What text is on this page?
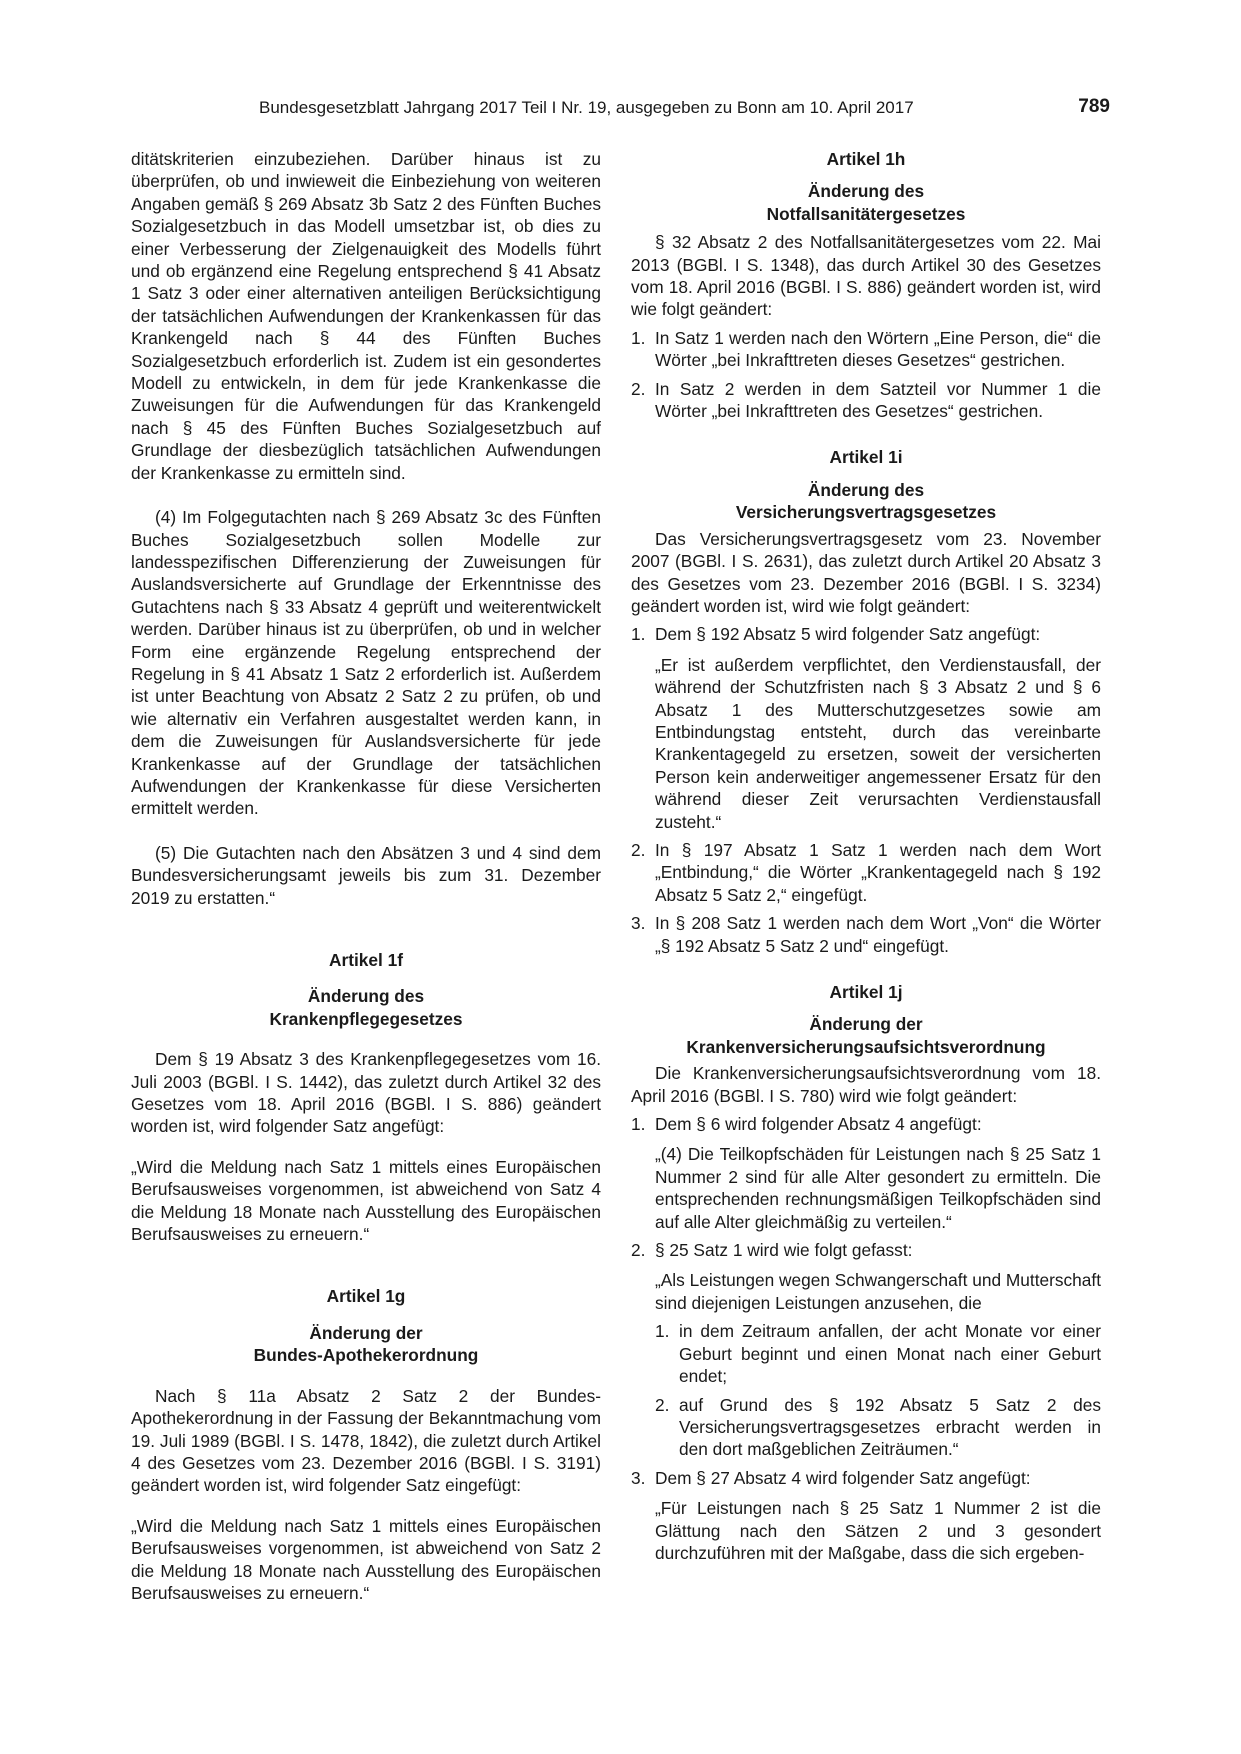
Bundesgesetzblatt Jahrgang 2017 Teil I Nr. 19, ausgegeben zu Bonn am 10. April 2017	789

ditätskriterien einzubeziehen. Darüber hinaus ist zu überprüfen, ob und inwieweit die Einbeziehung von weiteren Angaben gemäß § 269 Absatz 3b Satz 2 des Fünften Buches Sozialgesetzbuch in das Modell umsetzbar ist, ob dies zu einer Verbesserung der Zielgenauigkeit des Modells führt und ob ergänzend eine Regelung entsprechend § 41 Absatz 1 Satz 3 oder einer alternativen anteiligen Berücksichtigung der tatsächlichen Aufwendungen der Krankenkassen für das Krankengeld nach § 44 des Fünften Buches Sozialgesetzbuch erforderlich ist. Zudem ist ein gesondertes Modell zu entwickeln, in dem für jede Krankenkasse die Zuweisungen für die Aufwendungen für das Krankengeld nach § 45 des Fünften Buches Sozialgesetzbuch auf Grundlage der diesbezüglich tatsächlichen Aufwendungen der Krankenkasse zu ermitteln sind.

(4) Im Folgegutachten nach § 269 Absatz 3c des Fünften Buches Sozialgesetzbuch sollen Modelle zur landesspezifischen Differenzierung der Zuweisungen für Auslandsversicherte auf Grundlage der Erkenntnisse des Gutachtens nach § 33 Absatz 4 geprüft und weiterentwickelt werden. Darüber hinaus ist zu überprüfen, ob und in welcher Form eine ergänzende Regelung entsprechend der Regelung in § 41 Absatz 1 Satz 2 erforderlich ist. Außerdem ist unter Beachtung von Absatz 2 Satz 2 zu prüfen, ob und wie alternativ ein Verfahren ausgestaltet werden kann, in dem die Zuweisungen für Auslandsversicherte für jede Krankenkasse auf der Grundlage der tatsächlichen Aufwendungen der Krankenkasse für diese Versicherten ermittelt werden.

(5) Die Gutachten nach den Absätzen 3 und 4 sind dem Bundesversicherungsamt jeweils bis zum 31. Dezember 2019 zu erstatten.“

Artikel 1f

Änderung des

Krankenpflegegesetzes

Dem § 19 Absatz 3 des Krankenpflegegesetzes vom 16. Juli 2003 (BGBl. I S. 1442), das zuletzt durch Artikel 32 des Gesetzes vom 18. April 2016 (BGBl. I S. 886) geändert worden ist, wird folgender Satz angefügt:

„Wird die Meldung nach Satz 1 mittels eines Europäischen Berufsausweises vorgenommen, ist abweichend von Satz 4 die Meldung 18 Monate nach Ausstellung des Europäischen Berufsausweises zu erneuern.“

Artikel 1g

Änderung der

Bundes-Apothekerordnung

Nach § 11a Absatz 2 Satz 2 der Bundes-Apothekerordnung in der Fassung der Bekanntmachung vom 19. Juli 1989 (BGBl. I S. 1478, 1842), die zuletzt durch Artikel 4 des Gesetzes vom 23. Dezember 2016 (BGBl. I S. 3191) geändert worden ist, wird folgender Satz eingefügt:

„Wird die Meldung nach Satz 1 mittels eines Europäischen Berufsausweises vorgenommen, ist abweichend von Satz 2 die Meldung 18 Monate nach Ausstellung des Europäischen Berufsausweises zu erneuern.“

Artikel 1h

Änderung des

Notfallsanitätergesetzes

§ 32 Absatz 2 des Notfallsanitätergesetzes vom 22. Mai 2013 (BGBl. I S. 1348), das durch Artikel 30 des Gesetzes vom 18. April 2016 (BGBl. I S. 886) geändert worden ist, wird wie folgt geändert:

1. In Satz 1 werden nach den Wörtern „Eine Person, die“ die Wörter „bei Inkrafttreten dieses Gesetzes“ gestrichen.
2. In Satz 2 werden in dem Satzteil vor Nummer 1 die Wörter „bei Inkrafttreten des Gesetzes“ gestrichen.

Artikel 1i

Änderung des

Versicherungsvertragsgesetzes

Das Versicherungsvertragsgesetz vom 23. November 2007 (BGBl. I S. 2631), das zuletzt durch Artikel 20 Absatz 3 des Gesetzes vom 23. Dezember 2016 (BGBl. I S. 3234) geändert worden ist, wird wie folgt geändert:

1. Dem § 192 Absatz 5 wird folgender Satz angefügt:

„Er ist außerdem verpflichtet, den Verdienstausfall, der während der Schutzfristen nach § 3 Absatz 2 und § 6 Absatz 1 des Mutterschutzgesetzes sowie am Entbindungstag entsteht, durch das vereinbarte Krankentagegeld zu ersetzen, soweit der versicherten Person kein anderweitiger angemessener Ersatz für den während dieser Zeit verursachten Verdienstausfall zusteht.“

2. In § 197 Absatz 1 Satz 1 werden nach dem Wort „Entbindung,“ die Wörter „Krankentagegeld nach § 192 Absatz 5 Satz 2,“ eingefügt.
3. In § 208 Satz 1 werden nach dem Wort „Von“ die Wörter „§ 192 Absatz 5 Satz 2 und“ eingefügt.

Artikel 1j

Änderung der

Krankenversicherungsaufsichtsverordnung

Die Krankenversicherungsaufsichtsverordnung vom 18. April 2016 (BGBl. I S. 780) wird wie folgt geändert:

1. Dem § 6 wird folgender Absatz 4 angefügt:

„(4) Die Teilkopfschäden für Leistungen nach § 25 Satz 1 Nummer 2 sind für alle Alter gesondert zu ermitteln. Die entsprechenden rechnungsmäßigen Teilkopfschäden sind auf alle Alter gleichmäßig zu verteilen.“

2. § 25 Satz 1 wird wie folgt gefasst:

„Als Leistungen wegen Schwangerschaft und Mutterschaft sind diejenigen Leistungen anzusehen, die

1. in dem Zeitraum anfallen, der acht Monate vor einer Geburt beginnt und einen Monat nach einer Geburt endet;
2. auf Grund des § 192 Absatz 5 Satz 2 des Versicherungsvertragsgesetzes erbracht werden in den dort maßgeblichen Zeiträumen.“
3. Dem § 27 Absatz 4 wird folgender Satz angefügt:

„Für Leistungen nach § 25 Satz 1 Nummer 2 ist die Glättung nach den Sätzen 2 und 3 gesondert durchzuführen mit der Maßgabe, dass die sich ergeben-
